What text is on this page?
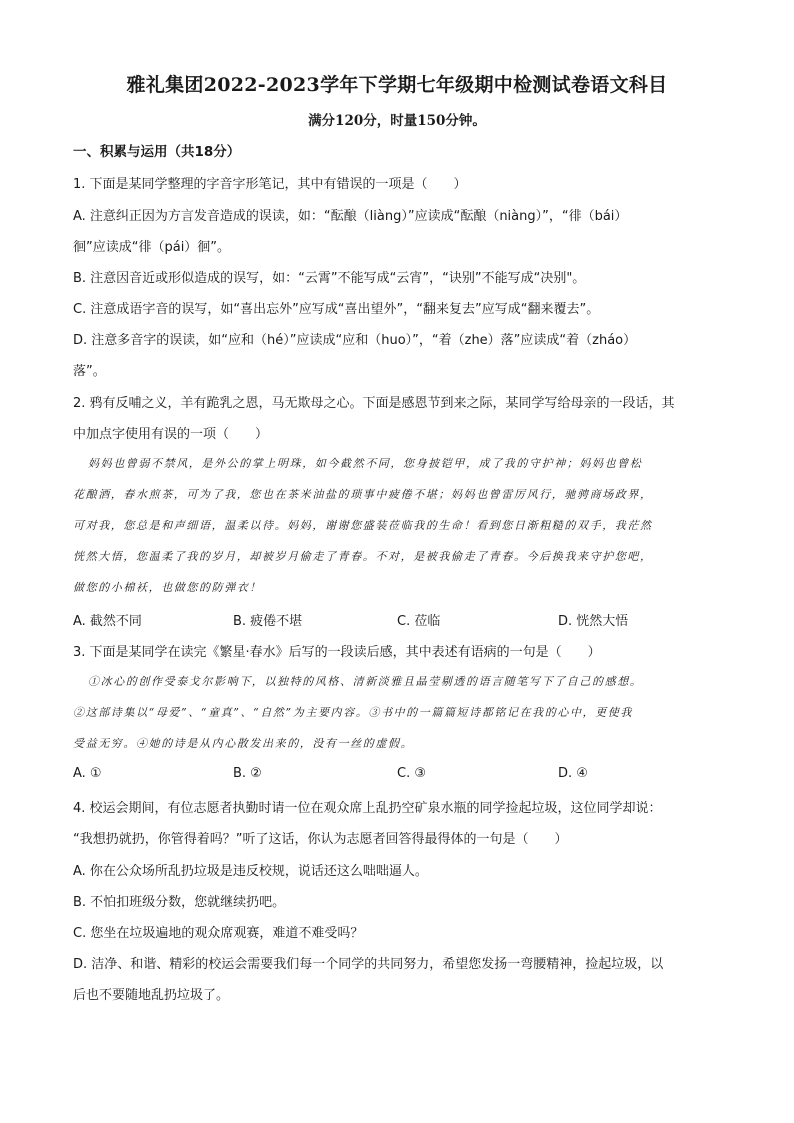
雅礼集团2022-2023学年下学期七年级期中检测试卷语文科目
满分120分，时量150分钟。
一、积累与运用（共18分）
1. 下面是某同学整理的字音字形笔记，其中有错误的一项是（　　）
A. 注意纠正因为方言发音造成的误读，如：“酝酿（liàng）”应读成“酝酿（niàng）”，“徘（bái）
徊”应读成“徘（pái）徊”。
B. 注意因音近或形似造成的误写，如：“云霄”不能写成“云宵”，“诀别”不能写成“决别"。
C. 注意成语字音的误写，如“喜出忘外”应写成“喜出望外”，“翻来复去”应写成“翻来覆去”。
D. 注意多音字的误读，如“应和（hé）”应读成“应和（huo）”，“着（zhe）落”应读成“着（zháo）
落”。
2. 鸦有反哺之义，羊有跪乳之恩，马无欺母之心。下面是感恩节到来之际，某同学写给母亲的一段话，其
中加点字使用有误的一项（　　）
妈妈也曾弱不禁风，是外公的掌上明珠，如今截然不同，您身披铠甲，成了我的守护神；妈妈也曾松
花酿酒，春水煎茶，可为了我，您也在茶米油盐的琐事中疲倦不堪；妈妈也曾雷厉风行，驰骋商场政界，
可对我，您总是和声细语，温柔以待。妈妈，谢谢您盛装莅临我的生命！看到您日渐粗糙的双手，我茫然
恍然大悟，您温柔了我的岁月，却被岁月偷走了青春。不对，是被我偷走了青春。今后换我来守护您吧，
做您的小棉袄，也做您的防弹衣！
A. 截然不同	B. 疲倦不堪	C. 莅临	D. 恍然大悟
3. 下面是某同学在读完《繁星·春水》后写的一段读后感，其中表述有语病的一句是（　　）
①冰心的创作受泰戈尔影响下，以独特的风格、清新淡雅且晶莹剔透的语言随笔写下了自己的感想。
②这部诗集以“母爱”、“童真”、“自然”为主要内容。③书中的一篇篇短诗都铭记在我的心中，更使我
受益无穷。④她的诗是从内心散发出来的，没有一丝的虚假。
A. ①	B. ②	C. ③	D. ④
4. 校运会期间，有位志愿者执勤时请一位在观众席上乱扔空矿泉水瓶的同学捡起垃圾，这位同学却说：
“我想扔就扔，你管得着吗？”听了这话，你认为志愿者回答得最得体的一句是（　　）
A. 你在公众场所乱扔垃圾是违反校规，说话还这么咄咄逼人。
B. 不怕扣班级分数，您就继续扔吧。
C. 您坐在垃圾遍地的观众席观赛，难道不难受吗？
D. 洁净、和谐、精彩的校运会需要我们每一个同学的共同努力，希望您发扬一弯腰精神，捡起垃圾，以
后也不要随地乱扔垃圾了。
